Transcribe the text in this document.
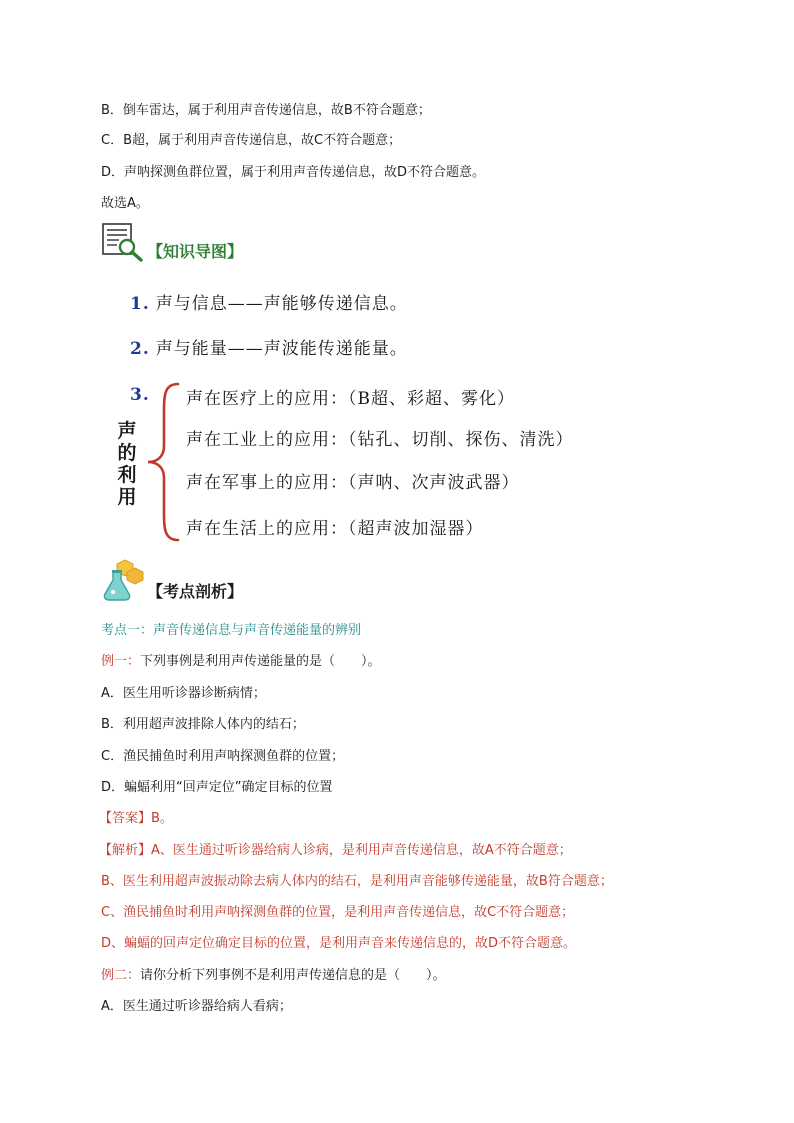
B．倒车雷达，属于利用声音传递信息，故B不符合题意；
C．B超，属于利用声音传递信息，故C不符合题意；
D．声呐探测鱼群位置，属于利用声音传递信息，故D不符合题意。
故选A。
【知识导图】
1. 声与信息——声能够传递信息。
2. 声与能量——声波能传递能量。
3.
声
的
利
用
声在医疗上的应用：（B超、彩超、雾化）
声在工业上的应用：（钻孔、切削、探伤、清洗）
声在军事上的应用：（声呐、次声波武器）
声在生活上的应用：（超声波加湿器）
【考点剖析】
考点一：声音传递信息与声音传递能量的辨别
例一：下列事例是利用声传递能量的是（　　）。
A．医生用听诊器诊断病情；
B．利用超声波排除人体内的结石；
C．渔民捕鱼时利用声呐探测鱼群的位置；
D．蝙蝠利用“回声定位”确定目标的位置
【答案】B。
【解析】A、医生通过听诊器给病人诊病，是利用声音传递信息，故A不符合题意；
B、医生利用超声波振动除去病人体内的结石，是利用声音能够传递能量，故B符合题意；
C、渔民捕鱼时利用声呐探测鱼群的位置，是利用声音传递信息，故C不符合题意；
D、蝙蝠的回声定位确定目标的位置，是利用声音来传递信息的，故D不符合题意。
例二：请你分析下列事例不是利用声传递信息的是（　　）。
A．医生通过听诊器给病人看病；
